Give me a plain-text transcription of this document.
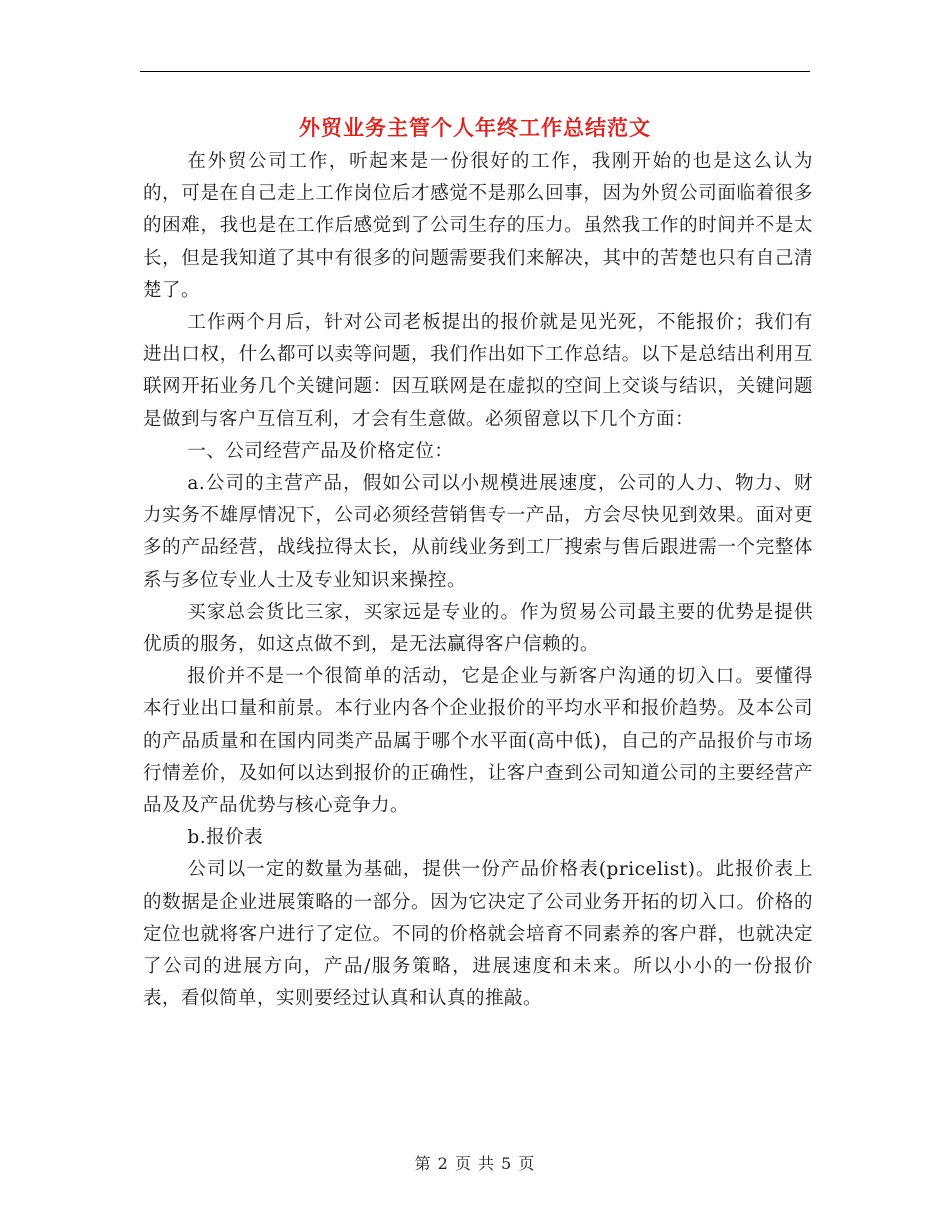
外贸业务主管个人年终工作总结范文

在外贸公司工作，听起来是一份很好的工作，我刚开始的也是这么认为的，可是在自己走上工作岗位后才感觉不是那么回事，因为外贸公司面临着很多的困难，我也是在工作后感觉到了公司生存的压力。虽然我工作的时间并不是太长，但是我知道了其中有很多的问题需要我们来解决，其中的苦楚也只有自己清楚了。

工作两个月后，针对公司老板提出的报价就是见光死，不能报价；我们有进出口权，什么都可以卖等问题，我们作出如下工作总结。以下是总结出利用互联网开拓业务几个关键问题：因互联网是在虚拟的空间上交谈与结识，关键问题是做到与客户互信互利，才会有生意做。必须留意以下几个方面：

一、公司经营产品及价格定位：

a.公司的主营产品，假如公司以小规模进展速度，公司的人力、物力、财力实务不雄厚情况下，公司必须经营销售专一产品，方会尽快见到效果。面对更多的产品经营，战线拉得太长，从前线业务到工厂搜索与售后跟进需一个完整体系与多位专业人士及专业知识来操控。

买家总会货比三家，买家远是专业的。作为贸易公司最主要的优势是提供优质的服务，如这点做不到，是无法赢得客户信赖的。

报价并不是一个很简单的活动，它是企业与新客户沟通的切入口。要懂得本行业出口量和前景。本行业内各个企业报价的平均水平和报价趋势。及本公司的产品质量和在国内同类产品属于哪个水平面(高中低)，自己的产品报价与市场行情差价，及如何以达到报价的正确性，让客户查到公司知道公司的主要经营产品及及产品优势与核心竞争力。

b.报价表

公司以一定的数量为基础，提供一份产品价格表(pricelist)。此报价表上的数据是企业进展策略的一部分。因为它决定了公司业务开拓的切入口。价格的定位也就将客户进行了定位。不同的价格就会培育不同素养的客户群，也就决定了公司的进展方向，产品/服务策略，进展速度和未来。所以小小的一份报价表，看似简单，实则要经过认真和认真的推敲。

第 2 页 共 5 页
